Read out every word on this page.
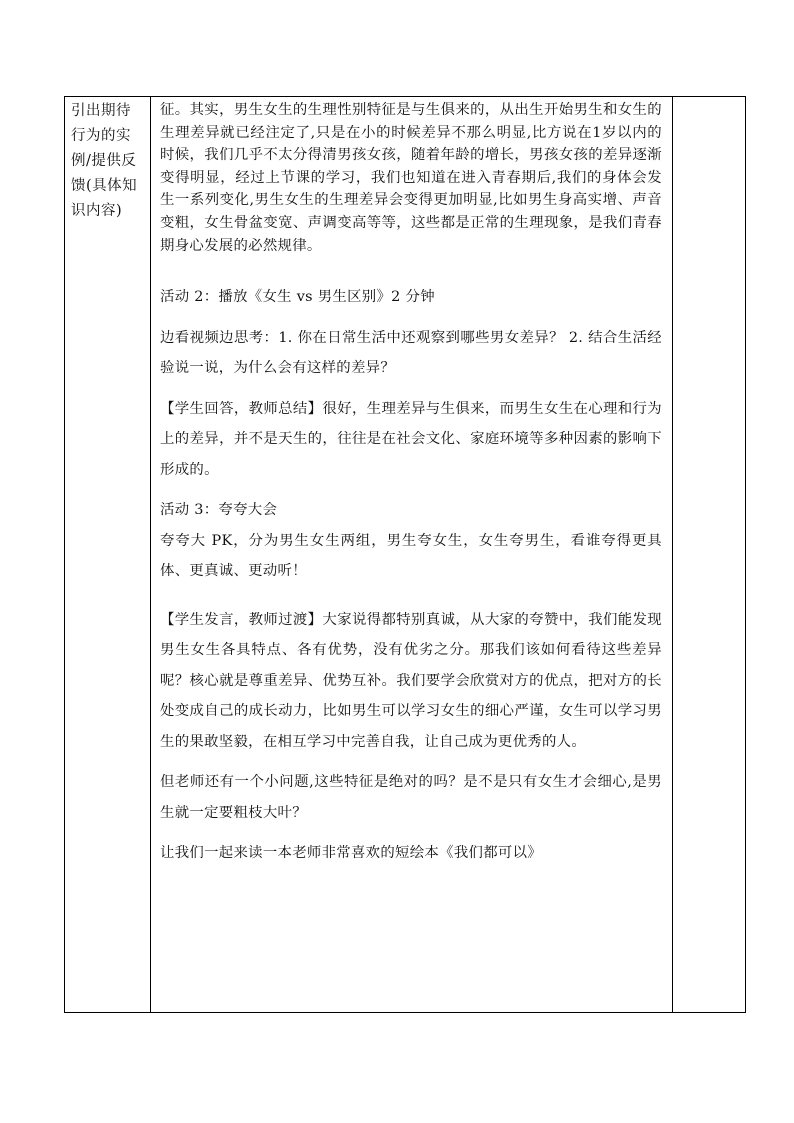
引出期待
行为的实
例/提供反
馈(具体知
识内容)

征。其实，男生女生的生理性别特征是与生俱来的，从出生开始男生和女生的生理差异就已经注定了,只是在小的时候差异不那么明显,比方说在1岁以内的时候，我们几乎不太分得清男孩女孩，随着年龄的增长，男孩女孩的差异逐渐变得明显，经过上节课的学习，我们也知道在进入青春期后,我们的身体会发生一系列变化,男生女生的生理差异会变得更加明显,比如男生身高实增、声音变粗，女生骨盆变宽、声调变高等等，这些都是正常的生理现象，是我们青春期身心发展的必然规律。

活动 2：播放《女生 vs 男生区别》2 分钟

边看视频边思考：1. 你在日常生活中还观察到哪些男女差异？ 2. 结合生活经验说一说，为什么会有这样的差异？

【学生回答，教师总结】很好，生理差异与生俱来，而男生女生在心理和行为上的差异，并不是天生的，往往是在社会文化、家庭环境等多种因素的影响下形成的。

活动 3：夸夸大会

夸夸大 PK，分为男生女生两组，男生夸女生，女生夸男生，看谁夸得更具体、更真诚、更动听！

【学生发言，教师过渡】大家说得都特别真诚，从大家的夸赞中，我们能发现男生女生各具特点、各有优势，没有优劣之分。那我们该如何看待这些差异呢？核心就是尊重差异、优势互补。我们要学会欣赏对方的优点，把对方的长处变成自己的成长动力，比如男生可以学习女生的细心严谨，女生可以学习男生的果敢坚毅，在相互学习中完善自我，让自己成为更优秀的人。

但老师还有一个小问题,这些特征是绝对的吗？是不是只有女生才会细心,是男生就一定要粗枝大叶？

让我们一起来读一本老师非常喜欢的短绘本《我们都可以》
